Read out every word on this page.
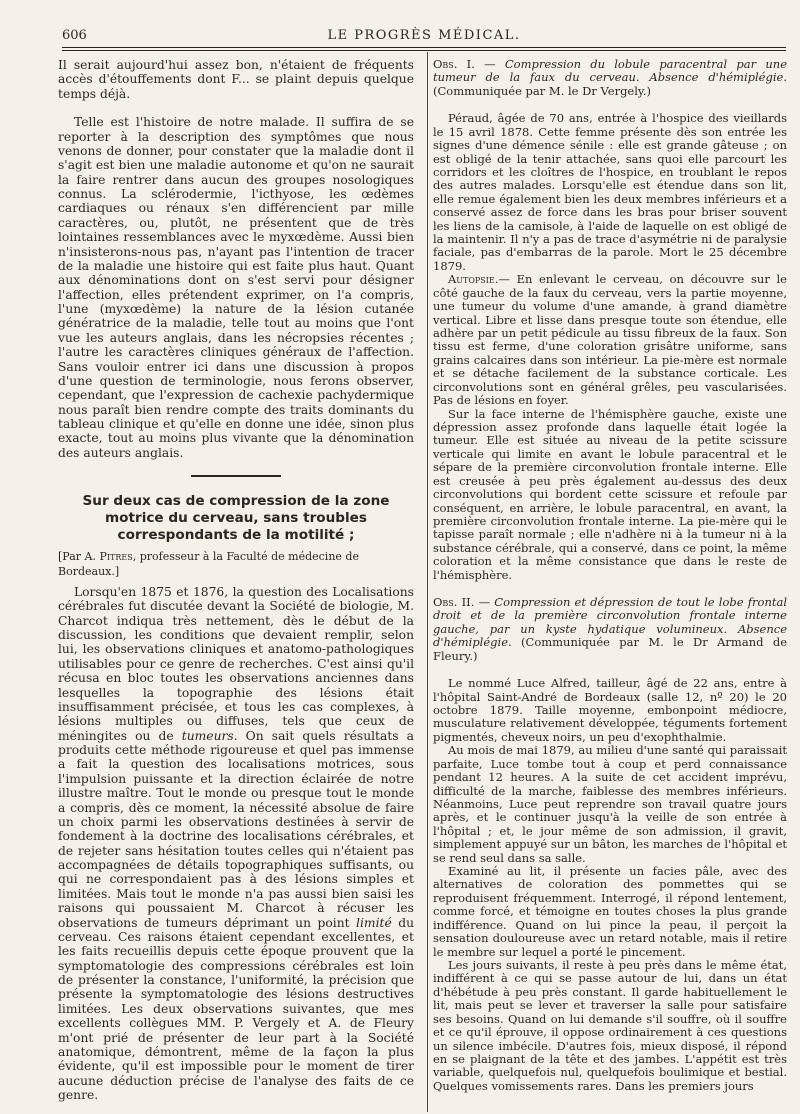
606	LE PROGRÈS MÉDICAL.

Il serait aujourd'hui assez bon, n'étaient de fréquents accès d'étouffements dont F... se plaint depuis quelque temps déjà.

Telle est l'histoire de notre malade. Il suffira de se reporter à la description des symptômes que nous venons de donner, pour constater que la maladie dont il s'agit est bien une maladie autonome et qu'on ne saurait la faire rentrer dans aucun des groupes nosologiques connus. La sclérodermie, l'icthyose, les œdèmes cardiaques ou rénaux s'en différencient par mille caractères, ou, plutôt, ne présentent que de très lointaines ressemblances avec le myxœdème. Aussi bien n'insisterons-nous pas, n'ayant pas l'intention de tracer de la maladie une histoire qui est faite plus haut. Quant aux dénominations dont on s'est servi pour désigner l'affection, elles prétendent exprimer, on l'a compris, l'une (myxœdème) la nature de la lésion cutanée génératrice de la maladie, telle tout au moins que l'ont vue les auteurs anglais, dans les nécropsies récentes ; l'autre les caractères cliniques généraux de l'affection. Sans vouloir entrer ici dans une discussion à propos d'une question de terminologie, nous ferons observer, cependant, que l'expression de cachexie pachydermique nous paraît bien rendre compte des traits dominants du tableau clinique et qu'elle en donne une idée, sinon plus exacte, tout au moins plus vivante que la dénomination des auteurs anglais.

Sur deux cas de compression de la zone motrice du cerveau, sans troubles correspondants de la motilité ;
[Par A. Pitres, professeur à la Faculté de médecine de Bordeaux.]

Lorsqu'en 1875 et 1876, la question des Localisations cérébrales fut discutée devant la Société de biologie, M. Charcot indiqua très nettement, dès le début de la discussion, les conditions que devaient remplir, selon lui, les observations cliniques et anatomo-pathologiques utilisables pour ce genre de recherches. C'est ainsi qu'il récusa en bloc toutes les observations anciennes dans lesquelles la topographie des lésions était insuffisamment précisée, et tous les cas complexes, à lésions multiples ou diffuses, tels que ceux de méningites ou de tumeurs. On sait quels résultats a produits cette méthode rigoureuse et quel pas immense a fait la question des localisations motrices, sous l'impulsion puissante et la direction éclairée de notre illustre maître. Tout le monde ou presque tout le monde a compris, dès ce moment, la nécessité absolue de faire un choix parmi les observations destinées à servir de fondement à la doctrine des localisations cérébrales, et de rejeter sans hésitation toutes celles qui n'étaient pas accompagnées de détails topographiques suffisants, ou qui ne correspondaient pas à des lésions simples et limitées. Mais tout le monde n'a pas aussi bien saisi les raisons qui poussaient M. Charcot à récuser les observations de tumeurs déprimant un point limité du cerveau. Ces raisons étaient cependant excellentes, et les faits recueillis depuis cette époque prouvent que la symptomatologie des compressions cérébrales est loin de présenter la constance, l'uniformité, la précision que présente la symptomatologie des lésions destructives limitées. Les deux observations suivantes, que mes excellents collègues MM. P. Vergely et A. de Fleury m'ont prié de présenter de leur part à la Société anatomique, démontrent, même de la façon la plus évidente, qu'il est impossible pour le moment de tirer aucune déduction précise de l'analyse des faits de ce genre.

Obs. I. — Compression du lobule paracentral par une tumeur de la faux du cerveau. Absence d'hémiplégie. (Communiquée par M. le Dr Vergely.)

Péraud, âgée de 70 ans, entrée à l'hospice des vieillards le 15 avril 1878. Cette femme présente dès son entrée les signes d'une démence sénile : elle est grande gâteuse ; on est obligé de la tenir attachée, sans quoi elle parcourt les corridors et les cloîtres de l'hospice, en troublant le repos des autres malades. Lorsqu'elle est étendue dans son lit, elle remue également bien les deux membres inférieurs et a conservé assez de force dans les bras pour briser souvent les liens de la camisole, à l'aide de laquelle on est obligé de la maintenir. Il n'y a pas de trace d'asymétrie ni de paralysie faciale, pas d'embarras de la parole. Mort le 25 décembre 1879.

Autopsie.— En enlevant le cerveau, on découvre sur le côté gauche de la faux du cerveau, vers la partie moyenne, une tumeur du volume d'une amande, à grand diamètre vertical. Libre et lisse dans presque toute son étendue, elle adhère par un petit pédicule au tissu fibreux de la faux. Son tissu est ferme, d'une coloration grisâtre uniforme, sans grains calcaires dans son intérieur. La pie-mère est normale et se détache facilement de la substance corticale. Les circonvolutions sont en général grêles, peu vascularisées. Pas de lésions en foyer.

Sur la face interne de l'hémisphère gauche, existe une dépression assez profonde dans laquelle était logée la tumeur. Elle est située au niveau de la petite scissure verticale qui limite en avant le lobule paracentral et le sépare de la première circonvolution frontale interne. Elle est creusée à peu près également au-dessus des deux circonvolutions qui bordent cette scissure et refoule par conséquent, en arrière, le lobule paracentral, en avant, la première circonvolution frontale interne. La pie-mère qui le tapisse paraît normale ; elle n'adhère ni à la tumeur ni à la substance cérébrale, qui a conservé, dans ce point, la même coloration et la même consistance que dans le reste de l'hémisphère.

Obs. II. — Compression et dépression de tout le lobe frontal droit et de la première circonvolution frontale interne gauche, par un kyste hydatique volumineux. Absence d'hémiplégie. (Communiquée par M. le Dr Armand de Fleury.)

Le nommé Luce Alfred, tailleur, âgé de 22 ans, entre à l'hôpital Saint-André de Bordeaux (salle 12, nº 20) le 20 octobre 1879. Taille moyenne, embonpoint médiocre, musculature relativement développée, téguments fortement pigmentés, cheveux noirs, un peu d'exophthalmie.

Au mois de mai 1879, au milieu d'une santé qui paraissait parfaite, Luce tombe tout à coup et perd connaissance pendant 12 heures. A la suite de cet accident imprévu, difficulté de la marche, faiblesse des membres inférieurs. Néanmoins, Luce peut reprendre son travail quatre jours après, et le continuer jusqu'à la veille de son entrée à l'hôpital ; et, le jour même de son admission, il gravit, simplement appuyé sur un bâton, les marches de l'hôpital et se rend seul dans sa salle.

Examiné au lit, il présente un facies pâle, avec des alternatives de coloration des pommettes qui se reproduisent fréquemment. Interrogé, il répond lentement, comme forcé, et témoigne en toutes choses la plus grande indifférence. Quand on lui pince la peau, il perçoit la sensation douloureuse avec un retard notable, mais il retire le membre sur lequel a porté le pincement.

Les jours suivants, il reste à peu près dans le même état, indifférent à ce qui se passe autour de lui, dans un état d'hébétude à peu près constant. Il garde habituellement le lit, mais peut se lever et traverser la salle pour satisfaire ses besoins. Quand on lui demande s'il souffre, où il souffre et ce qu'il éprouve, il oppose ordinairement à ces questions un silence imbécile. D'autres fois, mieux disposé, il répond en se plaignant de la tête et des jambes. L'appétit est très variable, quelquefois nul, quelquefois boulimique et bestial. Quelques vomissements rares. Dans les premiers jours
